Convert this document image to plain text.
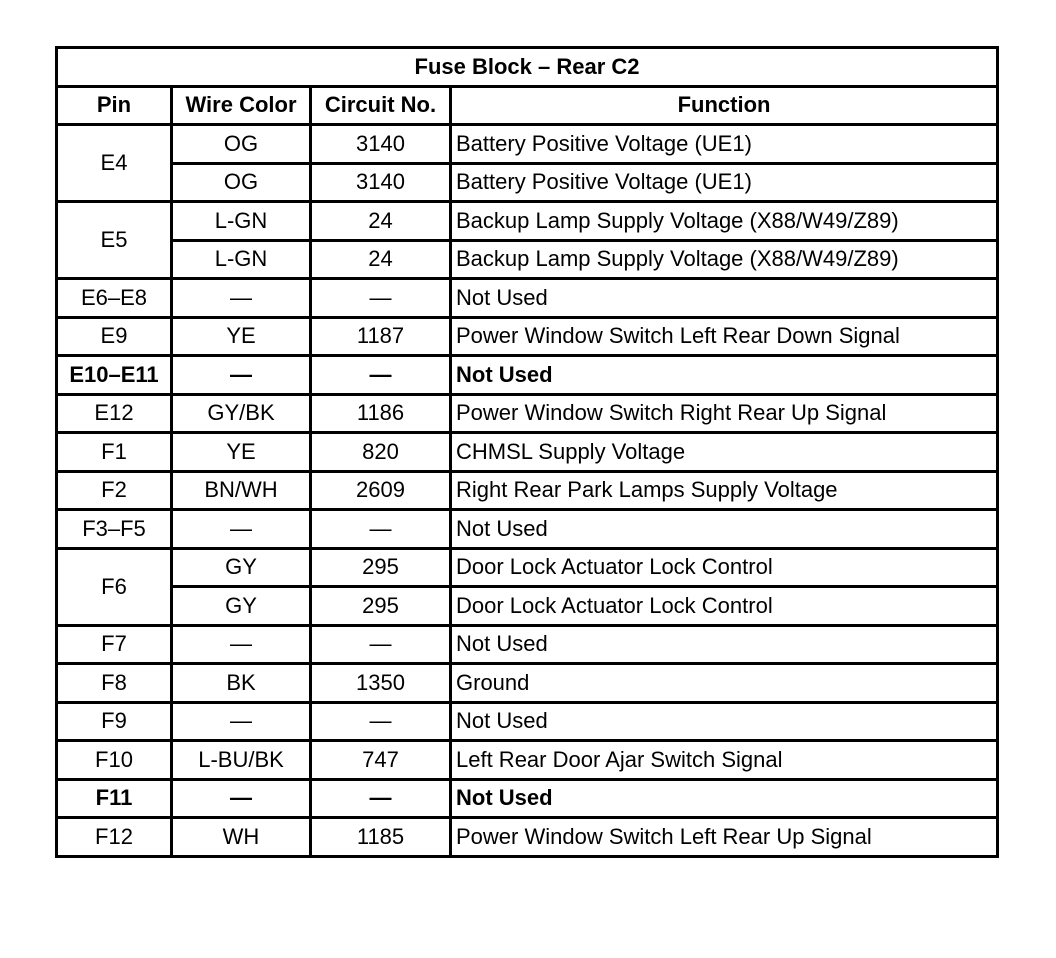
Fuse Block – Rear C2			
Pin	Wire Color	Circuit No.	Function
E4	OG	3140	Battery Positive Voltage (UE1)
	OG	3140	Battery Positive Voltage (UE1)
E5	L-GN	24	Backup Lamp Supply Voltage (X88/W49/Z89)
	L-GN	24	Backup Lamp Supply Voltage (X88/W49/Z89)
E6–E8	—	—	Not Used
E9	YE	1187	Power Window Switch Left Rear Down Signal
E10–E11	—	—	Not Used
E12	GY/BK	1186	Power Window Switch Right Rear Up Signal
F1	YE	820	CHMSL Supply Voltage
F2	BN/WH	2609	Right Rear Park Lamps Supply Voltage
F3–F5	—	—	Not Used
F6	GY	295	Door Lock Actuator Lock Control
	GY	295	Door Lock Actuator Lock Control
F7	—	—	Not Used
F8	BK	1350	Ground
F9	—	—	Not Used
F10	L-BU/BK	747	Left Rear Door Ajar Switch Signal
F11	—	—	Not Used
F12	WH	1185	Power Window Switch Left Rear Up Signal
